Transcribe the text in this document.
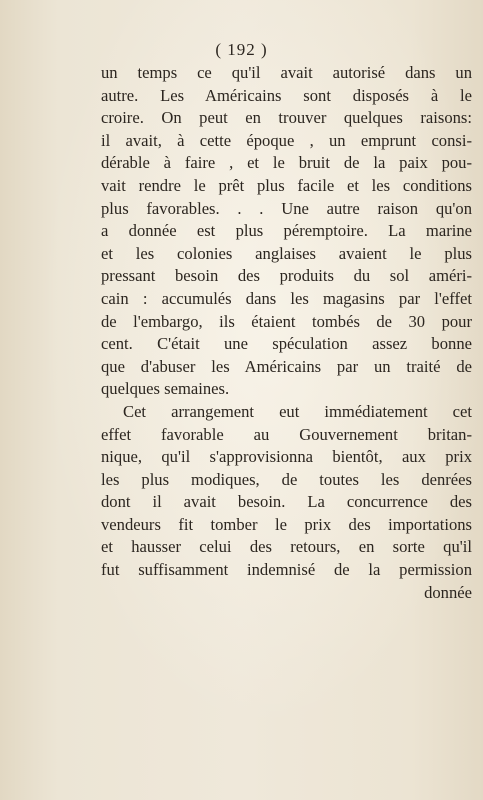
( 192 )
un temps ce qu'il avait autorisé dans un
autre. Les Américains sont disposés à le
croire. On peut en trouver quelques raisons:
il avait, à cette époque , un emprunt consi-
dérable à faire , et le bruit de la paix pou-
vait rendre le prêt plus facile et les conditions
plus favorables. . . Une autre raison qu'on
a donnée est plus péremptoire. La marine
et les colonies anglaises avaient le plus
pressant besoin des produits du sol améri-
cain : accumulés dans les magasins par l'effet
de l'embargo, ils étaient tombés de 30 pour
cent. C'était une spéculation assez bonne
que d'abuser les Américains par un traité de
quelques semaines.
Cet arrangement eut immédiatement cet
effet favorable au Gouvernement britan-
nique, qu'il s'approvisionna bientôt, aux prix
les plus modiques, de toutes les denrées
dont il avait besoin. La concurrence des
vendeurs fit tomber le prix des importations
et hausser celui des retours, en sorte qu'il
fut suffisamment indemnisé de la permission
donnée
